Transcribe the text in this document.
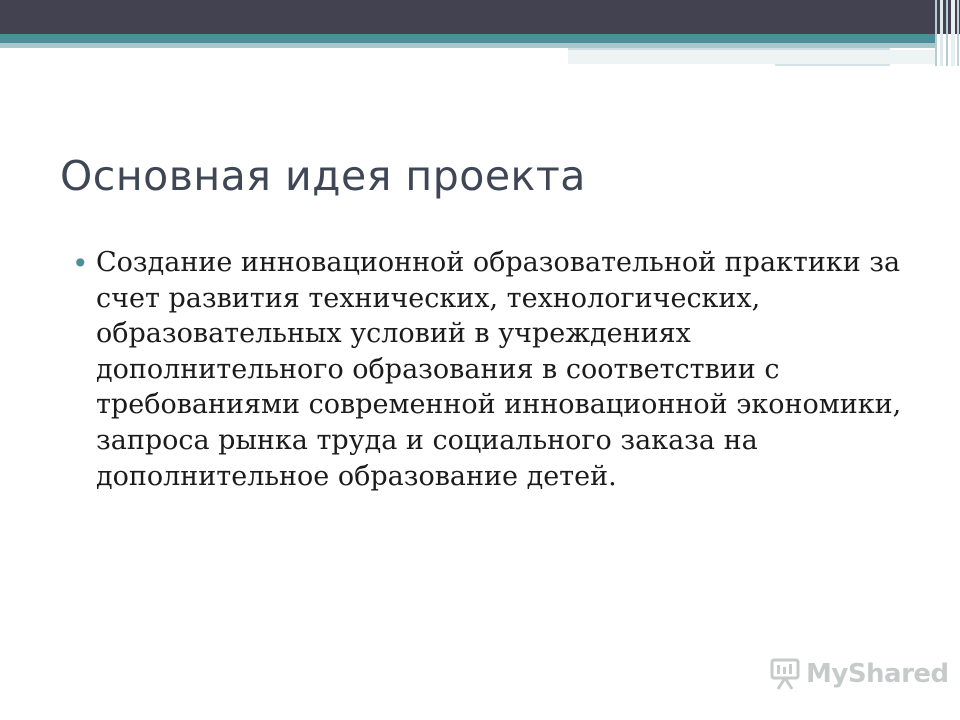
Основная идея проекта
• Создание инновационной образовательной практики за счет развития технических, технологических, образовательных условий в учреждениях дополнительного образования в соответствии с требованиями современной инновационной экономики, запроса рынка труда и социального заказа на дополнительное образование детей.
MyShared
